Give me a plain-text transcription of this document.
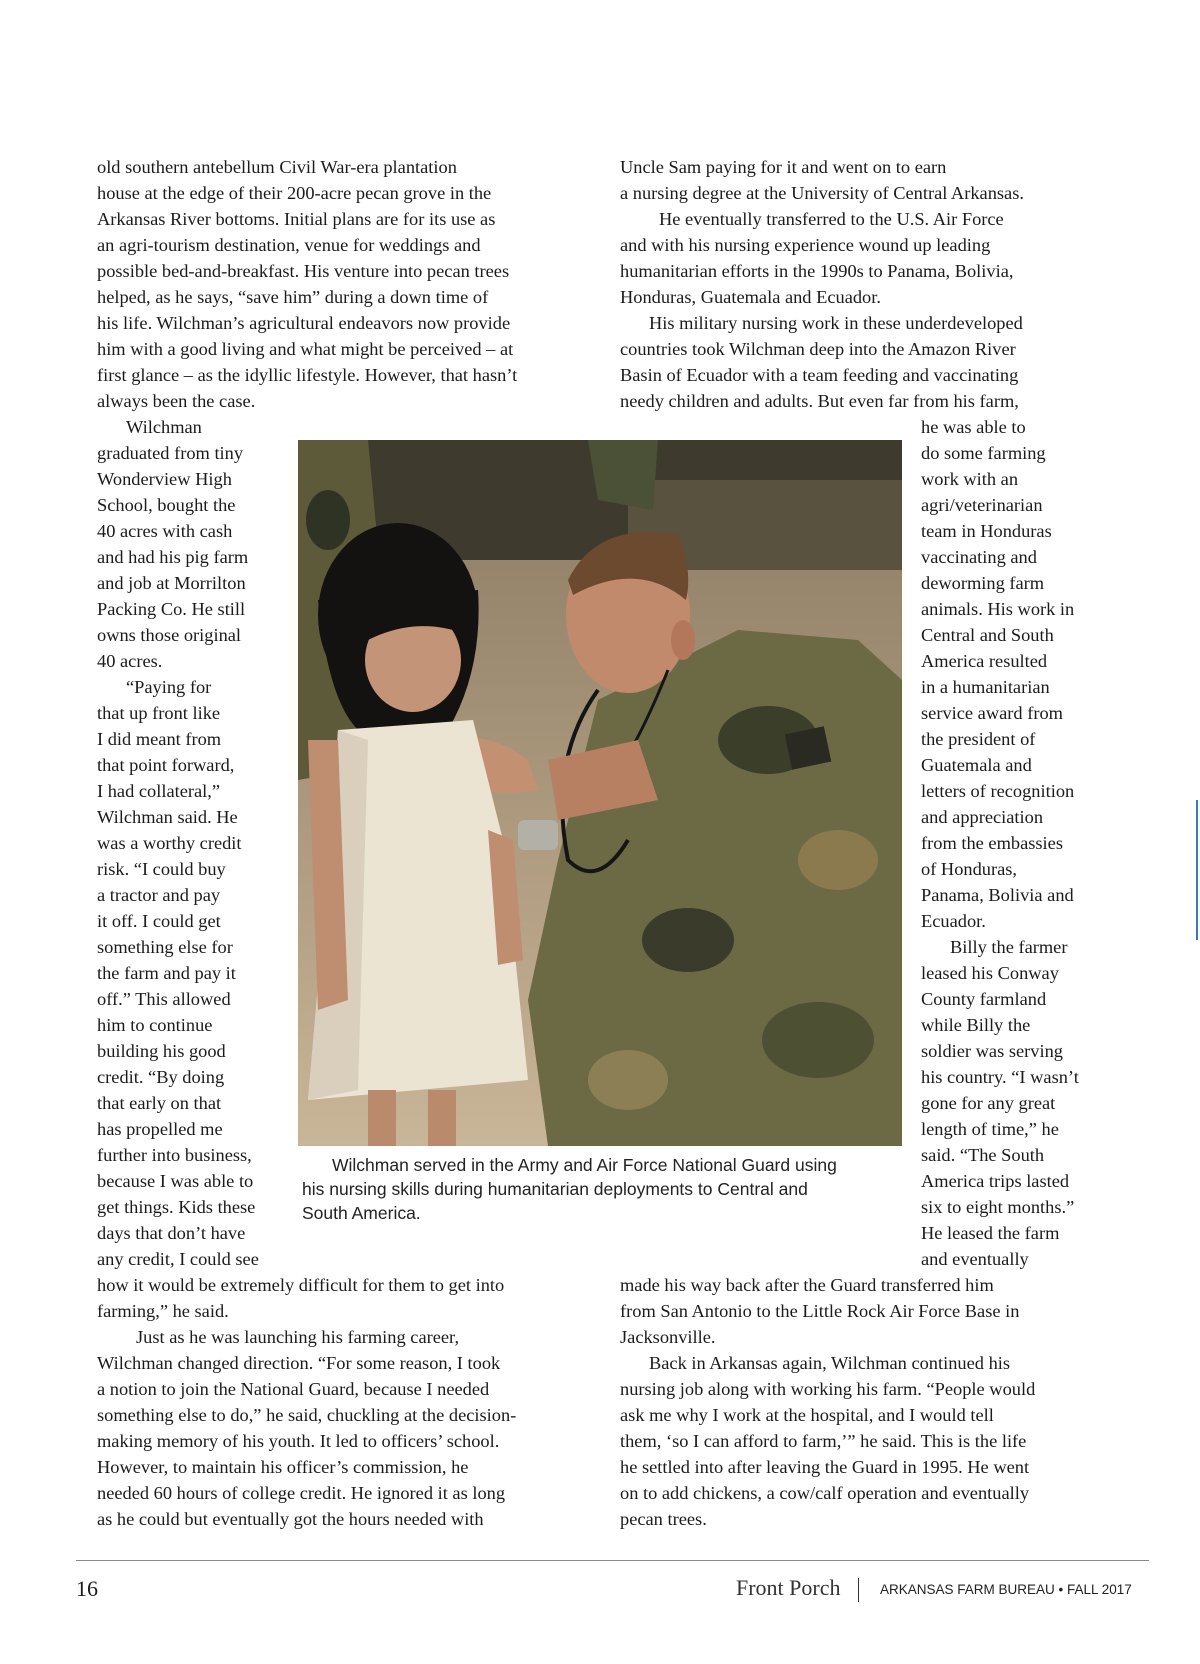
old southern antebellum Civil War-era plantation
house at the edge of their 200-acre pecan grove in the
Arkansas River bottoms. Initial plans are for its use as
an agri-tourism destination, venue for weddings and
possible bed-and-breakfast. His venture into pecan trees
helped, as he says, “save him” during a down time of
his life. Wilchman’s agricultural endeavors now provide
him with a good living and what might be perceived – at
first glance – as the idyllic lifestyle. However, that hasn’t
always been the case.
Wilchman
graduated from tiny
Wonderview High
School, bought the
40 acres with cash
and had his pig farm
and job at Morrilton
Packing Co. He still
owns those original
40 acres.
“Paying for
that up front like
I did meant from
that point forward,
I had collateral,”
Wilchman said. He
was a worthy credit
risk. “I could buy
a tractor and pay
it off. I could get
something else for
the farm and pay it
off.” This allowed
him to continue
building his good
credit. “By doing
that early on that
has propelled me
further into business,
because I was able to
get things. Kids these
days that don’t have
any credit, I could see
how it would be extremely difficult for them to get into
farming,” he said.
Just as he was launching his farming career,
Wilchman changed direction. “For some reason, I took
a notion to join the National Guard, because I needed
something else to do,” he said, chuckling at the decision-
making memory of his youth. It led to officers’ school.
However, to maintain his officer’s commission, he
needed 60 hours of college credit. He ignored it as long
as he could but eventually got the hours needed with
Uncle Sam paying for it and went on to earn
a nursing degree at the University of Central Arkansas.
He eventually transferred to the U.S. Air Force
and with his nursing experience wound up leading
humanitarian efforts in the 1990s to Panama, Bolivia,
Honduras, Guatemala and Ecuador.
His military nursing work in these underdeveloped
countries took Wilchman deep into the Amazon River
Basin of Ecuador with a team feeding and vaccinating
needy children and adults. But even far from his farm,
he was able to
do some farming
work with an
agri/veterinarian
team in Honduras
vaccinating and
deworming farm
animals. His work in
Central and South
America resulted
in a humanitarian
service award from
the president of
Guatemala and
letters of recognition
and appreciation
from the embassies
of Honduras,
Panama, Bolivia and
Ecuador.
Billy the farmer
leased his Conway
County farmland
while Billy the
soldier was serving
his country. “I wasn’t
gone for any great
length of time,” he
said. “The South
America trips lasted
six to eight months.”
He leased the farm
and eventually
made his way back after the Guard transferred him
from San Antonio to the Little Rock Air Force Base in
Jacksonville.
Back in Arkansas again, Wilchman continued his
nursing job along with working his farm. “People would
ask me why I work at the hospital, and I would tell
them, ‘so I can afford to farm,’” he said. This is the life
he settled into after leaving the Guard in 1995. He went
on to add chickens, a cow/calf operation and eventually
pecan trees.
Wilchman served in the Army and Air Force National Guard using
his nursing skills during humanitarian deployments to Central and
South America.
16	Front Porch	ARKANSAS FARM BUREAU • FALL 2017
